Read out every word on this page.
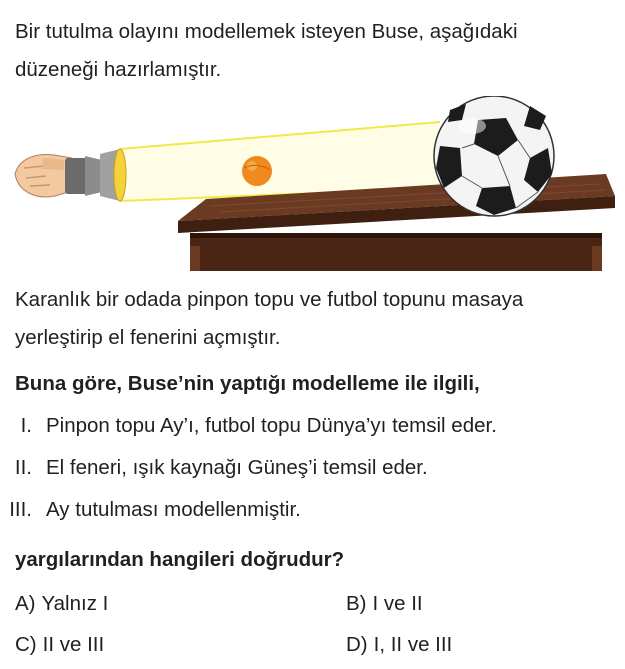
Bir tutulma olayını modellemek isteyen Buse, aşağıdaki
düzeneği hazırlamıştır.
Karanlık bir odada pinpon topu ve futbol topunu masaya
yerleştirip el fenerini açmıştır.
Buna göre, Buse’nin yaptığı modelleme ile ilgili,
I. Pinpon topu Ay’ı, futbol topu Dünya’yı temsil eder.
II. El feneri, ışık kaynağı Güneş’i temsil eder.
III. Ay tutulması modellenmiştir.
yargılarından hangileri doğrudur?
A) Yalnız I	B) I ve II
C) II ve III	D) I, II ve III
